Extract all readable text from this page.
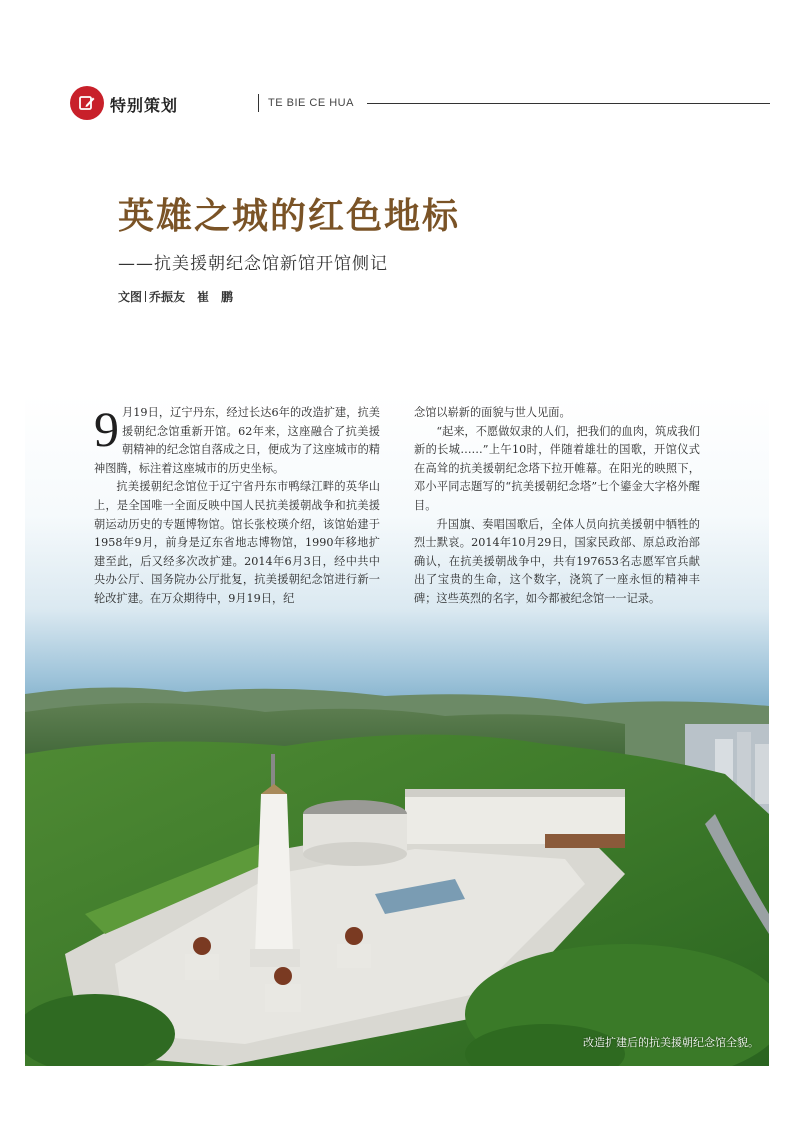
特别策划	TE BIE CE HUA
英雄之城的红色地标
——抗美援朝纪念馆新馆开馆侧记
文图 乔振友　崔　鹏
改造扩建后的抗美援朝纪念馆全貌。

9 月19日，辽宁丹东，经过长达6年的改造扩建，抗美援朝纪念馆重新开馆。62年来，这座融合了抗美援朝精神的纪念馆自落成之日，便成为了这座城市的精神图腾，标注着这座城市的历史坐标。

抗美援朝纪念馆位于辽宁省丹东市鸭绿江畔的英华山上，是全国唯一全面反映中国人民抗美援朝战争和抗美援朝运动历史的专题博物馆。馆长张校瑛介绍，该馆始建于1958年9月，前身是辽东省地志博物馆，1990年移地扩建至此，后又经多次改扩建。2014年6月3日，经中共中央办公厅、国务院办公厅批复，抗美援朝纪念馆进行新一轮改扩建。在万众期待中，9月19日，纪

念馆以崭新的面貌与世人见面。

“起来，不愿做奴隶的人们，把我们的血肉，筑成我们新的长城……”上午10时，伴随着雄壮的国歌，开馆仪式在高耸的抗美援朝纪念塔下拉开帷幕。在阳光的映照下，邓小平同志题写的“抗美援朝纪念塔”七个鎏金大字格外醒目。

升国旗、奏唱国歌后，全体人员向抗美援朝中牺牲的烈士默哀。2014年10月29日，国家民政部、原总政治部确认，在抗美援朝战争中，共有197653名志愿军官兵献出了宝贵的生命，这个数字，浇筑了一座永恒的精神丰碑；这些英烈的名字，如今都被纪念馆一一记录。
